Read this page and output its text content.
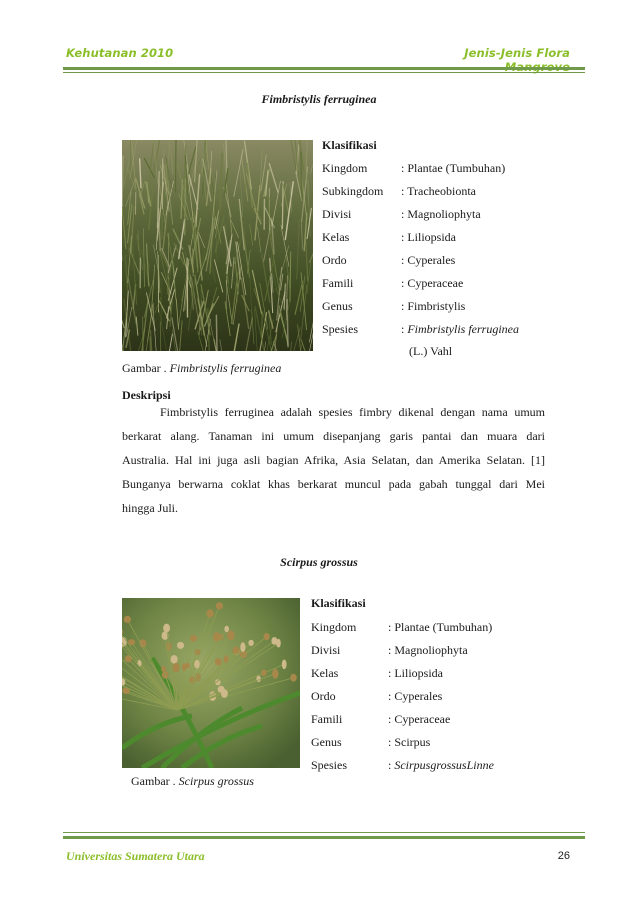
Kehutanan 2010	Jenis-Jenis Flora
Fimbristylis ferruginea
Klasifikasi
Kingdom	: Plantae (Tumbuhan)
Subkingdom : Tracheobionta
Divisi	: Magnoliophyta
Kelas	: Liliopsida
Ordo	: Cyperales
Famili	: Cyperaceae
Genus	: Fimbristylis
Spesies	: Fimbristylis ferruginea
(L.) Vahl
Gambar . Fimbristylis ferruginea
Deskripsi
Fimbristylis ferruginea adalah spesies fimbry dikenal dengan nama umum
berkarat alang. Tanaman ini umum disepanjang garis pantai dan muara dari
Australia. Hal ini juga asli bagian Afrika, Asia Selatan, dan Amerika Selatan. [1]
Bunganya berwarna coklat khas berkarat muncul pada gabah tunggal dari Mei
hingga Juli.
Scirpus grossus
Klasifikasi
Kingdom	: Plantae (Tumbuhan)
Divisi	: Magnoliophyta
Kelas	: Liliopsida
Ordo	: Cyperales
Famili	: Cyperaceae
Genus	: Scirpus
Spesies	: ScirpusgrossusLinne
Gambar . Scirpus grossus
Universitas Sumatera Utara	26
